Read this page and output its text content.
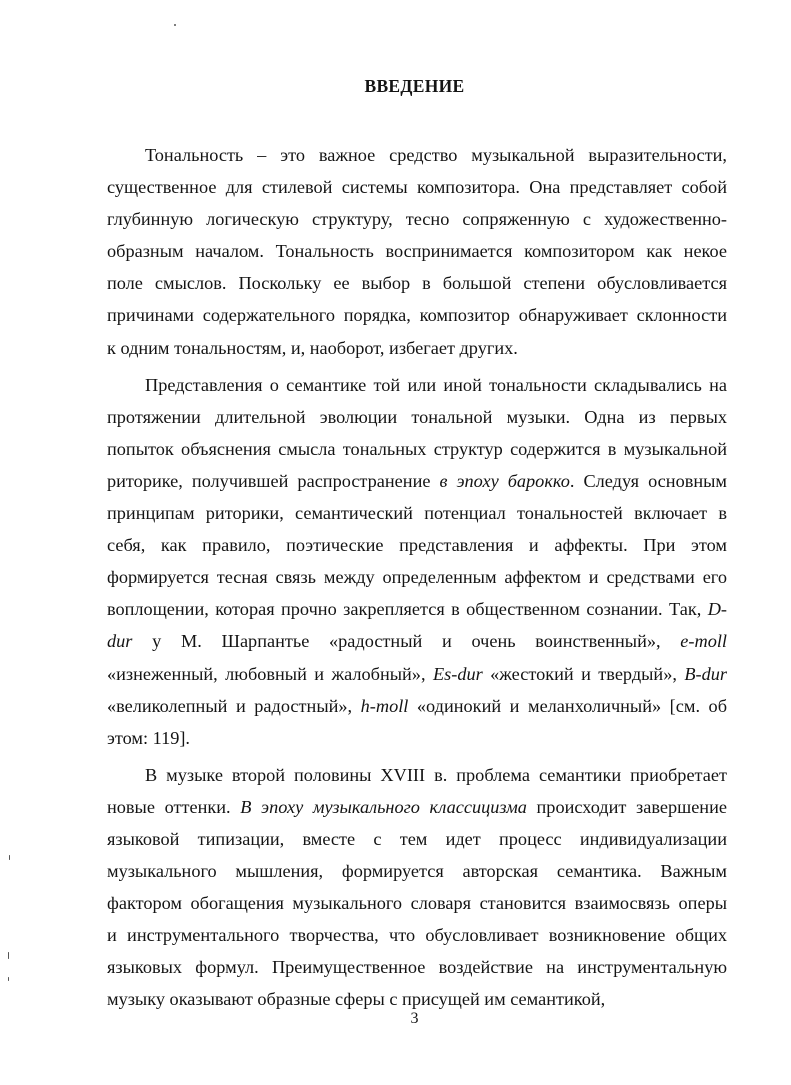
ВВЕДЕНИЕ
Тональность – это важное средство музыкальной выразительности,
существенное для стилевой системы композитора. Она представляет собой
глубинную логическую структуру, тесно сопряженную с художественно-
образным началом. Тональность воспринимается композитором как некое
поле смыслов. Поскольку ее выбор в большой степени обусловливается
причинами содержательного порядка, композитор обнаруживает склонности
к одним тональностям, и, наоборот, избегает других.
Представления о семантике той или иной тональности складывались на
протяжении длительной эволюции тональной музыки. Одна из первых
попыток объяснения смысла тональных структур содержится в музыкальной
риторике, получившей распространение в эпоху барокко. Следуя основным
принципам риторики, семантический потенциал тональностей включает в
себя, как правило, поэтические представления и аффекты. При этом
формируется тесная связь между определенным аффектом и средствами его
воплощении, которая прочно закрепляется в общественном сознании. Так, D-
dur у М. Шарпантье «радостный и очень воинственный», e-moll
«изнеженный, любовный и жалобный», Es-dur «жестокий и твердый», B-dur
«великолепный и радостный», h-moll «одинокий и меланхоличный» [см. об
этом: 119].
В музыке второй половины XVIII в. проблема семантики приобретает
новые оттенки. В эпоху музыкального классицизма происходит завершение
языковой типизации, вместе с тем идет процесс индивидуализации
музыкального мышления, формируется авторская семантика. Важным
фактором обогащения музыкального словаря становится взаимосвязь оперы
и инструментального творчества, что обусловливает возникновение общих
языковых формул. Преимущественное воздействие на инструментальную
музыку оказывают образные сферы с присущей им семантикой,
3
